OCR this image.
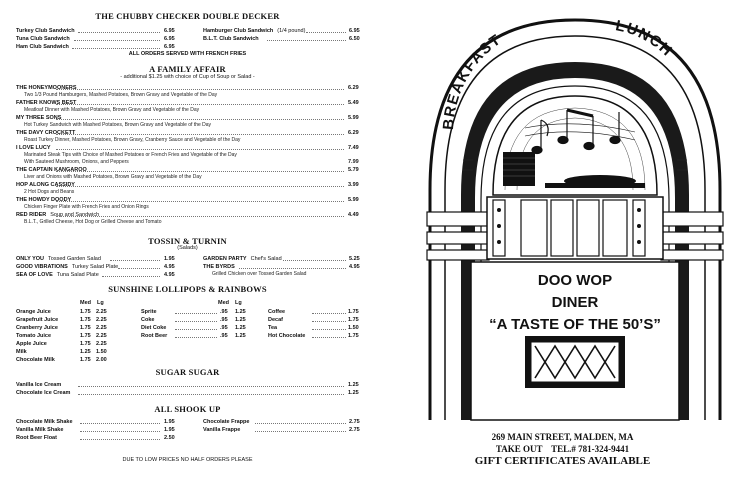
THE CHUBBY CHECKER DOUBLE DECKER
Turkey Club Sandwich	6.95
Tuna Club Sandwich	6.95
Ham Club Sandwich	6.95
Hamburger Club Sandwich (1/4 pound)	6.95
B.L.T. Club Sandwich	6.50
ALL ORDERS SERVED WITH FRENCH FRIES
A FAMILY AFFAIR
- additional $1.25 with choice of Cup of Soup or Salad -
THE HONEYMOONERS	6.29
Two 1/3 Pound Hamburgers, Mashed Potatoes, Brown Gravy and Vegetable of the Day
FATHER KNOWS BEST	5.49
Meatloaf Dinner with Mashed Potatoes, Brown Gravy and Vegetable of the Day
MY THREE SONS	5.99
Hot Turkey Sandwich with Mashed Potatoes, Brown Gravy and Vegetable of the Day
THE DAVY CROCKETT	6.29
Roast Turkey Dinner, Mashed Potatoes, Brown Gravy, Cranberry Sauce and Vegetable of the Day
I LOVE LUCY	7.49
Marinated Steak Tips with Choice of Mashed Potatoes or French Fries and Vegetable of the Day
With Sauteed Mushroom, Onions, and Peppers	7.99
THE CAPTAIN KANGAROO	5.79
Liver and Onions with Mashed Potatoes, Brown Gravy and Vegetable of the Day
HOP ALONG CASSIDY	3.99
2 Hot Dogs and Beans
THE HOWDY DOODY	5.99
Chicken Finger Plate with French Fries and Onion Rings
RED RIDER Soup and Sandwich	4.49
B.L.T., Grilled Cheese, Hot Dog or Grilled Cheese and Tomato
TOSSIN & TURNIN
(Salads)
ONLY YOU Tossed Garden Salad	1.95
GOOD VIBRATIONS Turkey Salad Plate	4.95
SEA OF LOVE Tuna Salad Plate	4.95
GARDEN PARTY Chef's Salad	5.25
THE BYRDS	4.95
Grilled Chicken over Tossed Garden Salad
SUNSHINE LOLLIPOPS & RAINBOWS
Med Lg	Med Lg
Orange Juice	1.75 2.25
Grapefruit Juice	1.75 2.25
Cranberry Juice	1.75 2.25
Tomato Juice	1.75 2.25
Apple Juice	1.75 2.25
Milk	1.25 1.50
Chocolate Milk	1.75 2.00
Sprite	.95 1.25
Coke	.95 1.25
Diet Coke	.95 1.25
Root Beer	.95 1.25
Coffee	1.75
Decaf	1.75
Tea	1.50
Hot Chocolate	1.75
SUGAR SUGAR
Vanilla Ice Cream	1.25
Chocolate Ice Cream	1.25
ALL SHOOK UP
Chocolate Milk Shake	1.95
Vanilla Milk Shake	1.95
Root Beer Float	2.50
Chocolate Frappe	2.75
Vanilla Frappe	2.75
DUE TO LOW PRICES NO HALF ORDERS PLEASE
BREAKFAST
LUNCH
DOO WOP
DINER
“A TASTE OF THE 50’S”
269 MAIN STREET, MALDEN, MA
TAKE OUT    TEL.# 781-324-9441
GIFT CERTIFICATES AVAILABLE
